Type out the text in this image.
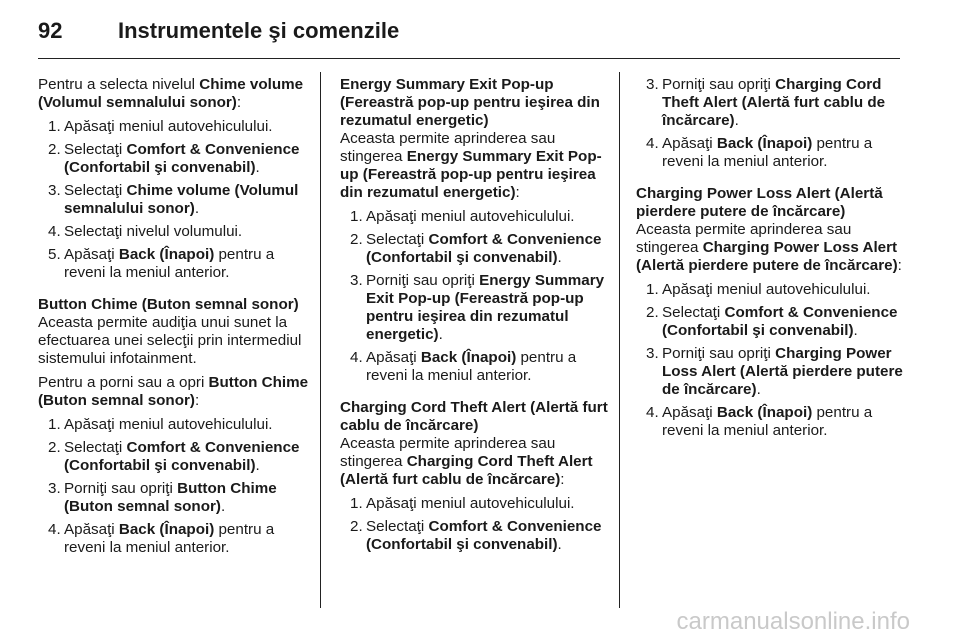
92	Instrumentele şi comenzile

Pentru a selecta nivelul Chime volume (Volumul semnalului sonor):

1. Apăsaţi meniul autovehiculului.
2. Selectaţi Comfort & Convenience (Confortabil şi convenabil).
3. Selectaţi Chime volume (Volumul semnalului sonor).
4. Selectaţi nivelul volumului.
5. Apăsaţi Back (Înapoi) pentru a reveni la meniul anterior.

Button Chime (Buton semnal sonor)

Aceasta permite audiţia unui sunet la efectuarea unei selecţii prin intermediul sistemului infotainment.

Pentru a porni sau a opri Button Chime (Buton semnal sonor):

1. Apăsaţi meniul autovehiculului.
2. Selectaţi Comfort & Convenience (Confortabil şi convenabil).
3. Porniţi sau opriţi Button Chime (Buton semnal sonor).
4. Apăsaţi Back (Înapoi) pentru a reveni la meniul anterior.

Energy Summary Exit Pop-up (Fereastră pop-up pentru ieşirea din rezumatul energetic)

Aceasta permite aprinderea sau stingerea Energy Summary Exit Pop-up (Fereastră pop-up pentru ieşirea din rezumatul energetic):

1. Apăsaţi meniul autovehiculului.
2. Selectaţi Comfort & Convenience (Confortabil şi convenabil).
3. Porniţi sau opriţi Energy Summary Exit Pop-up (Fereastră pop-up pentru ieşirea din rezumatul energetic).
4. Apăsaţi Back (Înapoi) pentru a reveni la meniul anterior.

Charging Cord Theft Alert (Alertă furt cablu de încărcare)

Aceasta permite aprinderea sau stingerea Charging Cord Theft Alert (Alertă furt cablu de încărcare):

1. Apăsaţi meniul autovehiculului.
2. Selectaţi Comfort & Convenience (Confortabil şi convenabil).
3. Porniţi sau opriţi Charging Cord Theft Alert (Alertă furt cablu de încărcare).
4. Apăsaţi Back (Înapoi) pentru a reveni la meniul anterior.

Charging Power Loss Alert (Alertă pierdere putere de încărcare)

Aceasta permite aprinderea sau stingerea Charging Power Loss Alert (Alertă pierdere putere de încărcare):

1. Apăsaţi meniul autovehiculului.
2. Selectaţi Comfort & Convenience (Confortabil şi convenabil).
3. Porniţi sau opriţi Charging Power Loss Alert (Alertă pierdere putere de încărcare).
4. Apăsaţi Back (Înapoi) pentru a reveni la meniul anterior.
carmanualsonline.info
